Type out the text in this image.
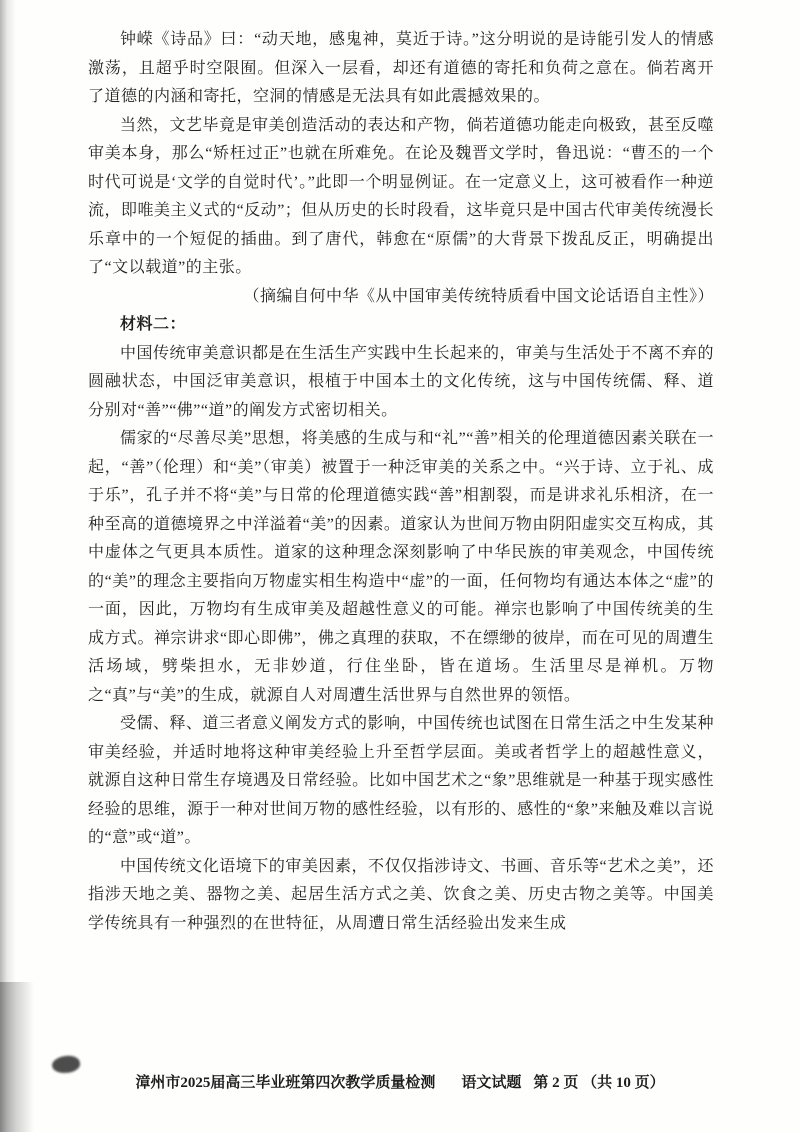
钟嵘《诗品》曰：“动天地，感鬼神，莫近于诗。”这分明说的是诗能引发人的情感激荡，且超乎时空限囿。但深入一层看，却还有道德的寄托和负荷之意在。倘若离开了道德的内涵和寄托，空洞的情感是无法具有如此震撼效果的。

当然，文艺毕竟是审美创造活动的表达和产物，倘若道德功能走向极致，甚至反噬审美本身，那么“矫枉过正”也就在所难免。在论及魏晋文学时，鲁迅说：“曹丕的一个时代可说是‘文学的自觉时代’。”此即一个明显例证。在一定意义上，这可被看作一种逆流，即唯美主义式的“反动”；但从历史的长时段看，这毕竟只是中国古代审美传统漫长乐章中的一个短促的插曲。到了唐代，韩愈在“原儒”的大背景下拨乱反正，明确提出了“文以载道”的主张。

（摘编自何中华《从中国审美传统特质看中国文论话语自主性》）

材料二：

中国传统审美意识都是在生活生产实践中生长起来的，审美与生活处于不离不弃的圆融状态，中国泛审美意识，根植于中国本土的文化传统，这与中国传统儒、释、道分别对“善”“佛”“道”的阐发方式密切相关。

儒家的“尽善尽美”思想，将美感的生成与和“礼”“善”相关的伦理道德因素关联在一起，“善”（伦理）和“美”（审美）被置于一种泛审美的关系之中。“兴于诗、立于礼、成于乐”，孔子并不将“美”与日常的伦理道德实践“善”相割裂，而是讲求礼乐相济，在一种至高的道德境界之中洋溢着“美”的因素。道家认为世间万物由阴阳虚实交互构成，其中虚体之气更具本质性。道家的这种理念深刻影响了中华民族的审美观念，中国传统的“美”的理念主要指向万物虚实相生构造中“虚”的一面，任何物均有通达本体之“虚”的一面，因此，万物均有生成审美及超越性意义的可能。禅宗也影响了中国传统美的生成方式。禅宗讲求“即心即佛”，佛之真理的获取，不在缥缈的彼岸，而在可见的周遭生活场域，劈柴担水，无非妙道，行住坐卧，皆在道场。生活里尽是禅机。万物之“真”与“美”的生成，就源自人对周遭生活世界与自然世界的领悟。

受儒、释、道三者意义阐发方式的影响，中国传统也试图在日常生活之中生发某种审美经验，并适时地将这种审美经验上升至哲学层面。美或者哲学上的超越性意义，就源自这种日常生存境遇及日常经验。比如中国艺术之“象”思维就是一种基于现实感性经验的思维，源于一种对世间万物的感性经验，以有形的、感性的“象”来触及难以言说的“意”或“道”。

中国传统文化语境下的审美因素，不仅仅指涉诗文、书画、音乐等“艺术之美”，还指涉天地之美、器物之美、起居生活方式之美、饮食之美、历史古物之美等。中国美学传统具有一种强烈的在世特征，从周遭日常生活经验出发来生成

漳州市2025届高三毕业班第四次教学质量检测 语文试题 第 2 页 （共 10 页）
